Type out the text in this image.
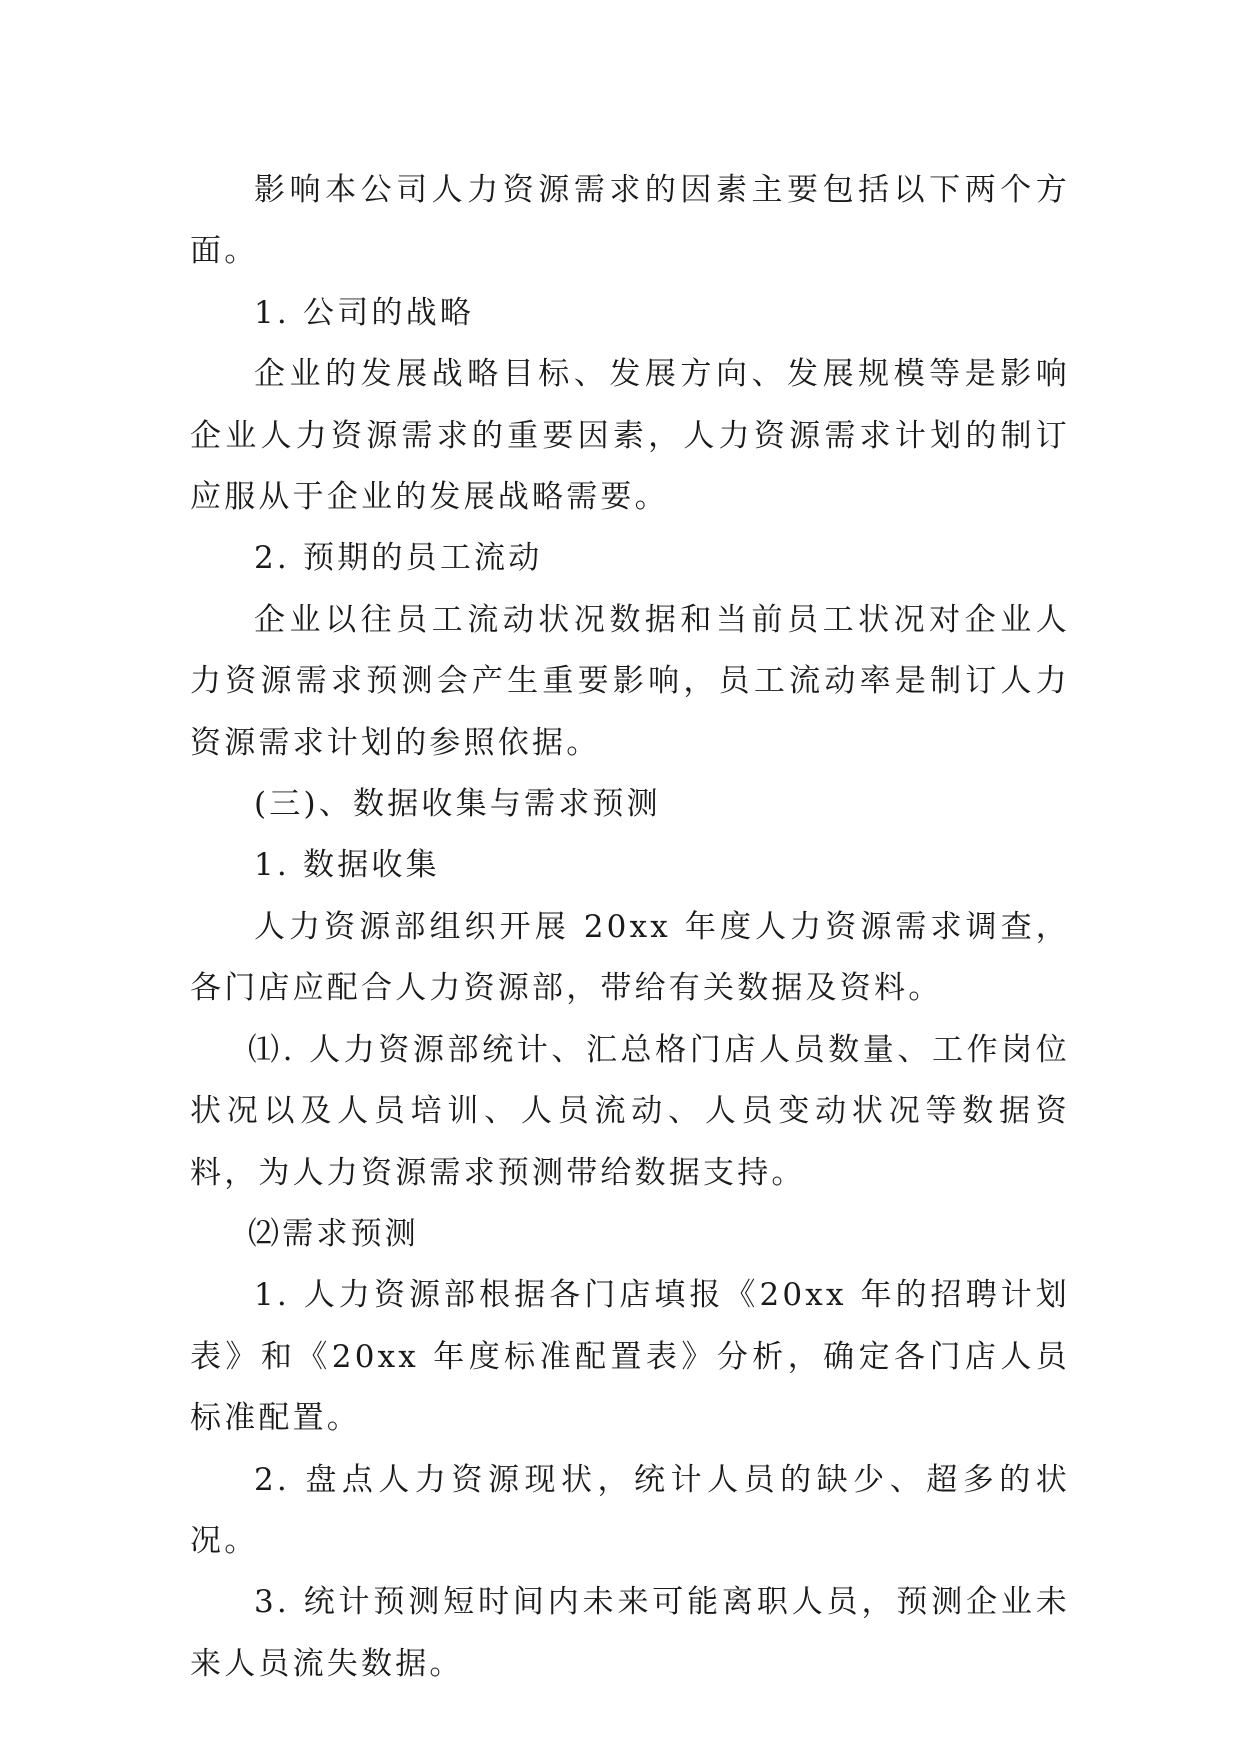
影响本公司人力资源需求的因素主要包括以下两个方面。

1. 公司的战略

企业的发展战略目标、发展方向、发展规模等是影响企业人力资源需求的重要因素，人力资源需求计划的制订应服从于企业的发展战略需要。

2. 预期的员工流动

企业以往员工流动状况数据和当前员工状况对企业人力资源需求预测会产生重要影响，员工流动率是制订人力资源需求计划的参照依据。

(三)、数据收集与需求预测

1. 数据收集

人力资源部组织开展 20xx 年度人力资源需求调查，各门店应配合人力资源部，带给有关数据及资料。

⑴. 人力资源部统计、汇总格门店人员数量、工作岗位状况以及人员培训、人员流动、人员变动状况等数据资料，为人力资源需求预测带给数据支持。

⑵需求预测

1. 人力资源部根据各门店填报《20xx 年的招聘计划表》和《20xx 年度标准配置表》分析，确定各门店人员标准配置。

2. 盘点人力资源现状，统计人员的缺少、超多的状况。

3. 统计预测短时间内未来可能离职人员，预测企业未来人员流失数据。
